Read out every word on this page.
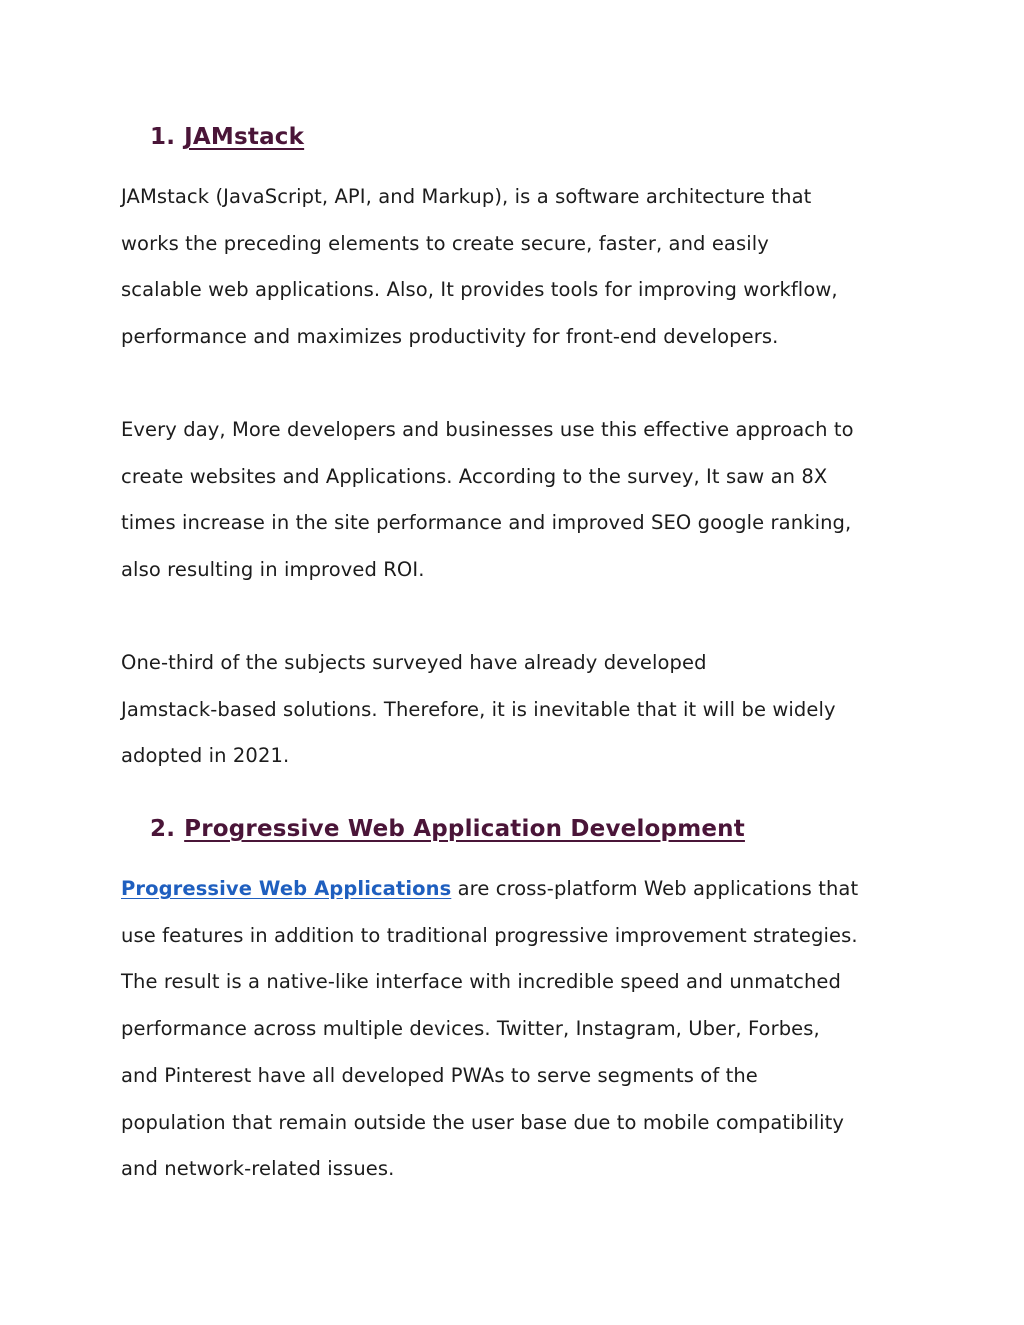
1. JAMstack

JAMstack (JavaScript, API, and Markup), is a software architecture that
works the preceding elements to create secure, faster, and easily
scalable web applications. Also, It provides tools for improving workflow,
performance and maximizes productivity for front-end developers.

Every day, More developers and businesses use this effective approach to
create websites and Applications. According to the survey, It saw an 8X
times increase in the site performance and improved SEO google ranking,
also resulting in improved ROI.

One-third of the subjects surveyed have already developed
Jamstack-based solutions. Therefore, it is inevitable that it will be widely
adopted in 2021.

2. Progressive Web Application Development

Progressive Web Applications are cross-platform Web applications that
use features in addition to traditional progressive improvement strategies.
The result is a native-like interface with incredible speed and unmatched
performance across multiple devices. Twitter, Instagram, Uber, Forbes,
and Pinterest have all developed PWAs to serve segments of the
population that remain outside the user base due to mobile compatibility
and network-related issues.
